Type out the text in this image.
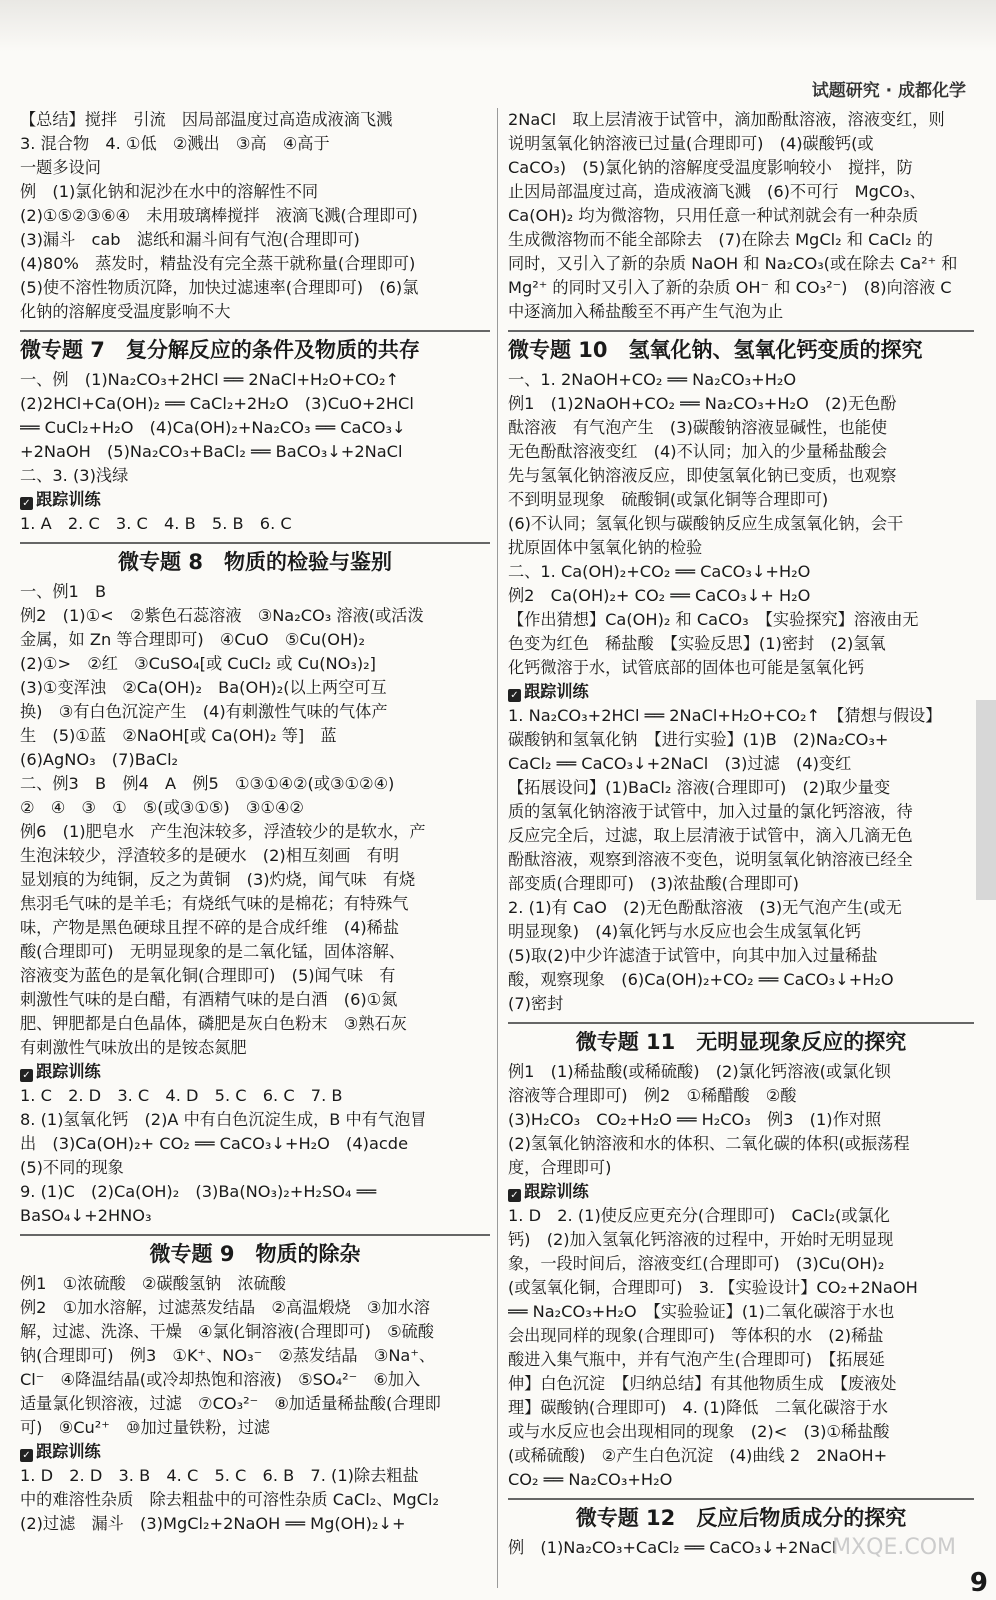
试题研究 · 成都化学
【总结】搅拌　引流　因局部温度过高造成液滴飞溅
3. 混合物　4. ①低　②溅出　③高　④高于
一题多设问
例　(1)氯化钠和泥沙在水中的溶解性不同
(2)①⑤②③⑥④　未用玻璃棒搅拌　液滴飞溅(合理即可)
(3)漏斗　cab　滤纸和漏斗间有气泡(合理即可)
(4)80%　蒸发时，精盐没有完全蒸干就称量(合理即可)
(5)使不溶性物质沉降，加快过滤速率(合理即可)　(6)氯
化钠的溶解度受温度影响不大
微专题 7　复分解反应的条件及物质的共存
一、例　(1)Na₂CO₃+2HCl ══ 2NaCl+H₂O+CO₂↑
(2)2HCl+Ca(OH)₂ ══ CaCl₂+2H₂O　(3)CuO+2HCl
══ CuCl₂+H₂O　(4)Ca(OH)₂+Na₂CO₃ ══ CaCO₃↓
+2NaOH　(5)Na₂CO₃+BaCl₂ ══ BaCO₃↓+2NaCl
二、3. (3)浅绿
✓ 跟踪训练
1. A　2. C　3. C　4. B　5. B　6. C
微专题 8　物质的检验与鉴别
一、例1　B
例2　(1)①<　②紫色石蕊溶液　③Na₂CO₃ 溶液(或活泼
金属，如 Zn 等合理即可)　④CuO　⑤Cu(OH)₂
(2)①>　②红　③CuSO₄[或 CuCl₂ 或 Cu(NO₃)₂]
(3)①变浑浊　②Ca(OH)₂　Ba(OH)₂(以上两空可互
换)　③有白色沉淀产生　(4)有刺激性气味的气体产
生　(5)①蓝　②NaOH[或 Ca(OH)₂ 等]　蓝
(6)AgNO₃　(7)BaCl₂
二、例3　B　例4　A　例5　①③①④②(或③①②④)
②　④　③　①　⑤(或③①⑤)　③①④②
例6　(1)肥皂水　产生泡沫较多，浮渣较少的是软水，产
生泡沫较少，浮渣较多的是硬水　(2)相互刻画　有明
显划痕的为纯铜，反之为黄铜　(3)灼烧，闻气味　有烧
焦羽毛气味的是羊毛；有烧纸气味的是棉花；有特殊气
味，产物是黑色硬球且捏不碎的是合成纤维　(4)稀盐
酸(合理即可)　无明显现象的是二氧化锰，固体溶解、
溶液变为蓝色的是氧化铜(合理即可)　(5)闻气味　有
刺激性气味的是白醋，有酒精气味的是白酒　(6)①氮
肥、钾肥都是白色晶体，磷肥是灰白色粉末　③熟石灰
有刺激性气味放出的是铵态氮肥
✓ 跟踪训练
1. C　2. D　3. C　4. D　5. C　6. C　7. B
8. (1)氢氧化钙　(2)A 中有白色沉淀生成，B 中有气泡冒
出　(3)Ca(OH)₂+ CO₂ ══ CaCO₃↓+H₂O　(4)acde
(5)不同的现象
9. (1)C　(2)Ca(OH)₂　(3)Ba(NO₃)₂+H₂SO₄ ══
BaSO₄↓+2HNO₃
微专题 9　物质的除杂
例1　①浓硫酸　②碳酸氢钠　浓硫酸
例2　①加水溶解，过滤蒸发结晶　②高温煅烧　③加水溶
解，过滤、洗涤、干燥　④氯化铜溶液(合理即可)　⑤硫酸
钠(合理即可)　例3　①K⁺、NO₃⁻　②蒸发结晶　③Na⁺、
Cl⁻　④降温结晶(或冷却热饱和溶液)　⑤SO₄²⁻　⑥加入
适量氯化钡溶液，过滤　⑦CO₃²⁻　⑧加适量稀盐酸(合理即
可)　⑨Cu²⁺　⑩加过量铁粉，过滤
✓ 跟踪训练
1. D　2. D　3. B　4. C　5. C　6. B　7. (1)除去粗盐
中的难溶性杂质　除去粗盐中的可溶性杂质 CaCl₂、MgCl₂
(2)过滤　漏斗　(3)MgCl₂+2NaOH ══ Mg(OH)₂↓+
2NaCl　取上层清液于试管中，滴加酚酞溶液，溶液变红，则
说明氢氧化钠溶液已过量(合理即可)　(4)碳酸钙(或
CaCO₃)　(5)氯化钠的溶解度受温度影响较小　搅拌，防
止因局部温度过高，造成液滴飞溅　(6)不可行　MgCO₃、
Ca(OH)₂ 均为微溶物，只用任意一种试剂就会有一种杂质
生成微溶物而不能全部除去　(7)在除去 MgCl₂ 和 CaCl₂ 的
同时，又引入了新的杂质 NaOH 和 Na₂CO₃(或在除去 Ca²⁺ 和
Mg²⁺ 的同时又引入了新的杂质 OH⁻ 和 CO₃²⁻)　(8)向溶液 C
中逐滴加入稀盐酸至不再产生气泡为止
微专题 10　氢氧化钠、氢氧化钙变质的探究
一、1. 2NaOH+CO₂ ══ Na₂CO₃+H₂O
例1　(1)2NaOH+CO₂ ══ Na₂CO₃+H₂O　(2)无色酚
酞溶液　有气泡产生　(3)碳酸钠溶液显碱性，也能使
无色酚酞溶液变红　(4)不认同；加入的少量稀盐酸会
先与氢氧化钠溶液反应，即使氢氧化钠已变质，也观察
不到明显现象　硫酸铜(或氯化铜等合理即可)
(6)不认同；氢氧化钡与碳酸钠反应生成氢氧化钠，会干
扰原固体中氢氧化钠的检验
二、1. Ca(OH)₂+CO₂ ══ CaCO₃↓+H₂O
例2　Ca(OH)₂+ CO₂ ══ CaCO₃↓+ H₂O
【作出猜想】Ca(OH)₂ 和 CaCO₃　【实验探究】溶液由无
色变为红色　稀盐酸　【实验反思】(1)密封　(2)氢氧
化钙微溶于水，试管底部的固体也可能是氢氧化钙
✓ 跟踪训练
1. Na₂CO₃+2HCl ══ 2NaCl+H₂O+CO₂↑　【猜想与假设】
碳酸钠和氢氧化钠　【进行实验】(1)B　(2)Na₂CO₃+
CaCl₂ ══ CaCO₃↓+2NaCl　(3)过滤　(4)变红
【拓展设问】(1)BaCl₂ 溶液(合理即可)　(2)取少量变
质的氢氧化钠溶液于试管中，加入过量的氯化钙溶液，待
反应完全后，过滤，取上层清液于试管中，滴入几滴无色
酚酞溶液，观察到溶液不变色，说明氢氧化钠溶液已经全
部变质(合理即可)　(3)浓盐酸(合理即可)
2. (1)有 CaO　(2)无色酚酞溶液　(3)无气泡产生(或无
明显现象)　(4)氧化钙与水反应也会生成氢氧化钙
(5)取(2)中少许滤渣于试管中，向其中加入过量稀盐
酸，观察现象　(6)Ca(OH)₂+CO₂ ══ CaCO₃↓+H₂O
(7)密封
微专题 11　无明显现象反应的探究
例1　(1)稀盐酸(或稀硫酸)　(2)氯化钙溶液(或氯化钡
溶液等合理即可)　例2　①稀醋酸　②酸
(3)H₂CO₃　CO₂+H₂O ══ H₂CO₃　例3　(1)作对照
(2)氢氧化钠溶液和水的体积、二氧化碳的体积(或振荡程
度，合理即可)
✓ 跟踪训练
1. D　2. (1)使反应更充分(合理即可)　CaCl₂(或氯化
钙)　(2)加入氢氧化钙溶液的过程中，开始时无明显现
象，一段时间后，溶液变红(合理即可)　(3)Cu(OH)₂
(或氢氧化铜，合理即可)　3. 【实验设计】CO₂+2NaOH
══ Na₂CO₃+H₂O　【实验验证】(1)二氧化碳溶于水也
会出现同样的现象(合理即可)　等体积的水　(2)稀盐
酸进入集气瓶中，并有气泡产生(合理即可)　【拓展延
伸】白色沉淀　【归纳总结】有其他物质生成　【废液处
理】碳酸钠(合理即可)　4. (1)降低　二氧化碳溶于水
或与水反应也会出现相同的现象　(2)<　(3)①稀盐酸
(或稀硫酸)　②产生白色沉淀　(4)曲线 2　2NaOH+
CO₂ ══ Na₂CO₃+H₂O
微专题 12　反应后物质成分的探究
例　(1)Na₂CO₃+CaCl₂ ══ CaCO₃↓+2NaCl
MXQE.COM
9
